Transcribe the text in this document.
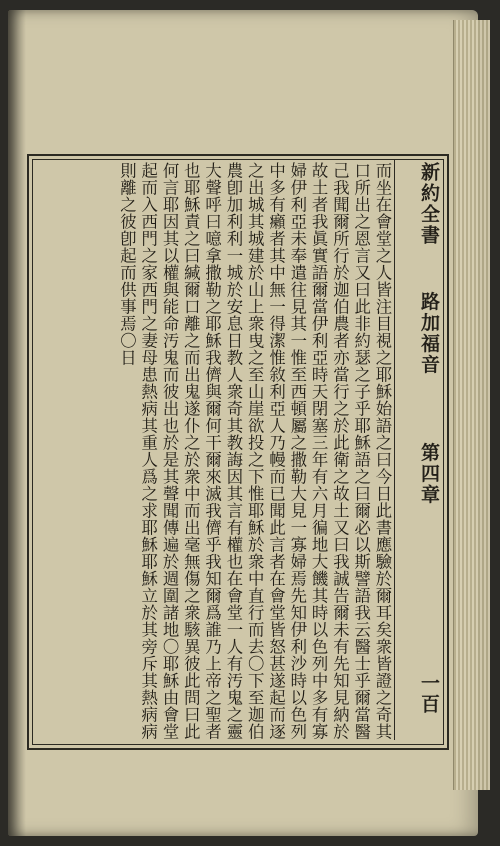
新約全書  路加福音  第四章  一百

而坐在會堂之人皆注目視之耶穌始語之曰今日此書應驗於爾耳矣衆皆證之奇其口所出之恩言又曰此非約瑟之子乎耶穌語之曰爾必以斯譬語我云醫士乎爾當醫己我聞爾所行於迦伯農者亦當行之於此衛之故土又曰我誠告爾未有先知見納於故土者我眞實語爾當伊利亞時天閉塞三年有六月徧地大饑其時以色列中多有寡婦伊利亞未奉遣往見其一惟至西頓屬之撒勒大見一寡婦焉先知伊利沙時以色列中多有癩者其中無一得潔惟敘利亞人乃幔而已聞此言者在會堂皆怒甚遂起而逐之出城其城建於山上衆曳之至山崖欲投之下惟耶穌於衆中直行而去〇下至迦伯農卽加利利一城於安息日教人衆奇其教誨因其言有權也在會堂一人有汚鬼之靈大聲呼曰噫拿撒勒之耶穌我儕與爾何干爾來滅我儕乎我知爾爲誰乃上帝之聖者也耶穌責之曰緘爾口離之而出鬼遂仆之於衆中而出毫無傷之衆駭異彼此問曰此何言耶因其以權與能命汚鬼而彼出也於是其聲聞傳遍於週圍諸地〇耶穌由會堂起而入西門之家西門之妻母患熱病其重人爲之求耶穌耶穌立於其旁斥其熱病病則離之彼卽起而供事焉〇日
